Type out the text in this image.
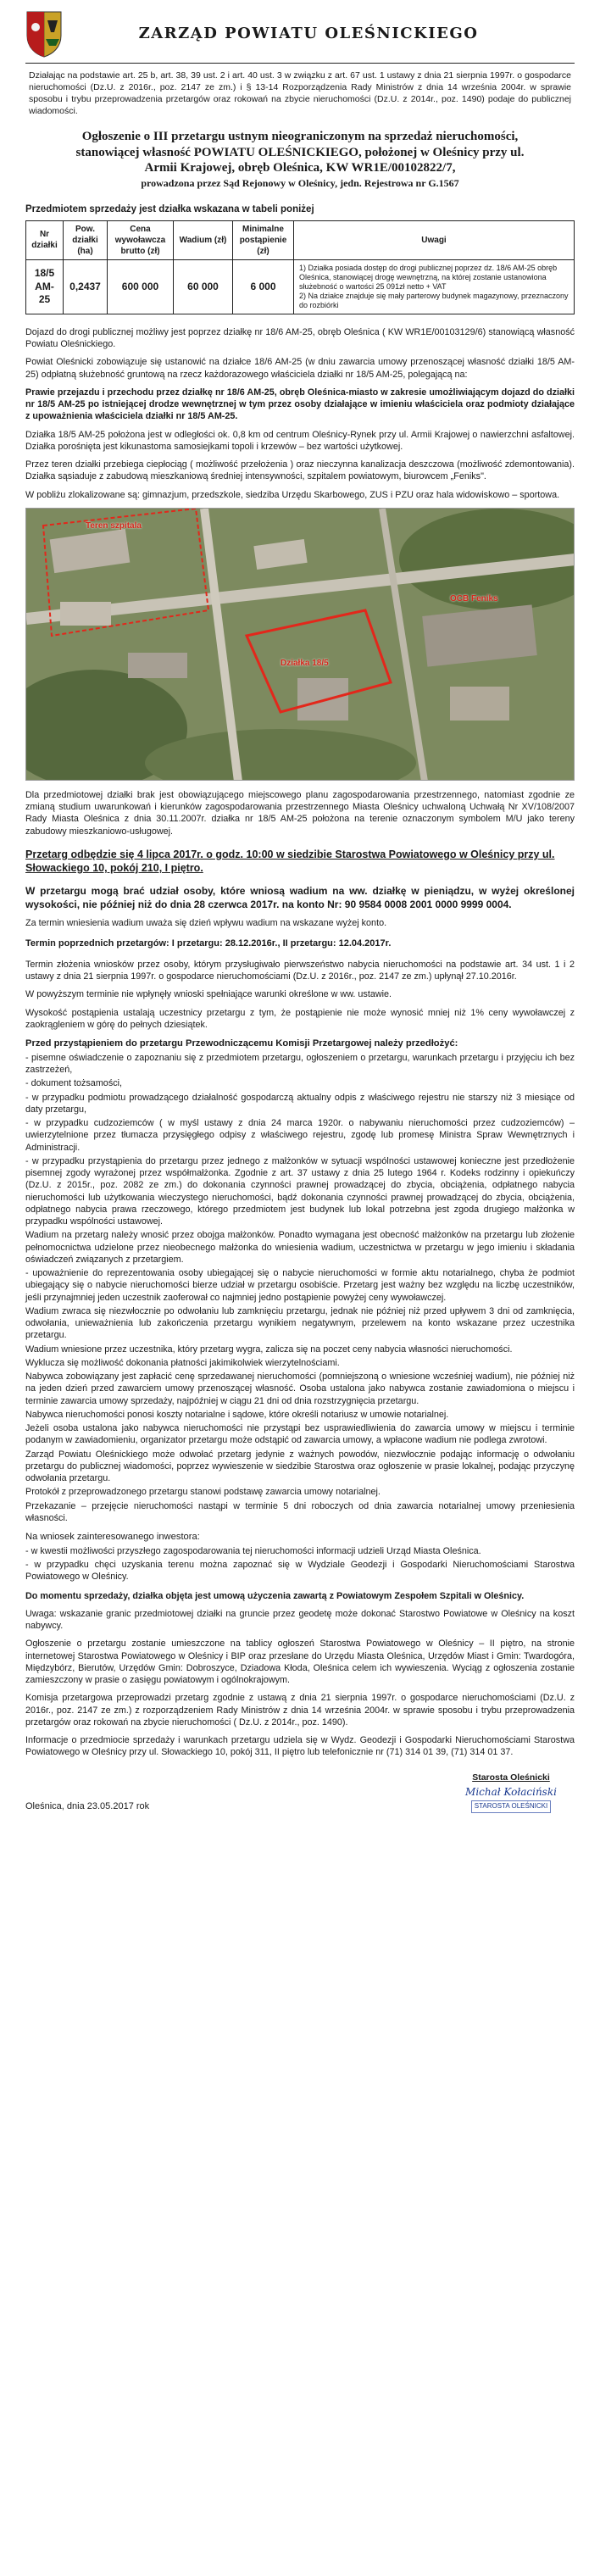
ZARZĄD POWIATU OLEŚNICKIEGO

Działając na podstawie art. 25 b, art. 38, 39 ust. 2 i art. 40 ust. 3 w związku z art. 67 ust. 1 ustawy z dnia 21 sierpnia 1997r. o gospodarce nieruchomości (Dz.U. z 2016r., poz. 2147 ze zm.) i § 13-14 Rozporządzenia Rady Ministrów z dnia 14 września 2004r. w sprawie sposobu i trybu przeprowadzenia przetargów oraz rokowań na zbycie nieruchomości (Dz.U. z 2014r., poz. 1490) podaje do publicznej wiadomości.

Ogłoszenie o III przetargu ustnym nieograniczonym na sprzedaż nieruchomości, stanowiącej własność POWIATU OLEŚNICKIEGO, położonej w Oleśnicy przy ul. Armii Krajowej, obręb Oleśnica, KW WR1E/00102822/7,
prowadzona przez Sąd Rejonowy w Oleśnicy, jedn. Rejestrowa nr G.1567
Przedmiotem sprzedaży jest działka wskazana w tabeli poniżej
Nr działki	Pow. działki (ha)	Cena wywoławcza brutto (zł)	Wadium (zł)	Minimalne postąpienie (zł)	Uwagi
18/5 AM-25	0,2437	600 000	60 000	6 000	1) Działka posiada dostęp do drogi publicznej poprzez dz. 18/6 AM-25 obręb Oleśnica, stanowiącej drogę wewnętrzną, na której zostanie ustanowiona służebność o wartości 25 091zł netto + VAT
2) Na działce znajduje się mały parterowy budynek magazynowy, przeznaczony do rozbiórki

Dojazd do drogi publicznej możliwy jest poprzez działkę nr 18/6 AM-25, obręb Oleśnica ( KW WR1E/00103129/6) stanowiącą własność Powiatu Oleśnickiego.

Powiat Oleśnicki zobowiązuje się ustanowić na działce 18/6 AM-25 (w dniu zawarcia umowy przenoszącej własność działki 18/5 AM-25) odpłatną służebność gruntową na rzecz każdorazowego właściciela działki nr 18/5 AM-25, polegającą na:

Prawie przejazdu i przechodu przez działkę nr 18/6 AM-25, obręb Oleśnica-miasto w zakresie umożliwiającym dojazd do działki nr 18/5 AM-25 po istniejącej drodze wewnętrznej w tym przez osoby działające w imieniu właściciela oraz podmioty działające z upoważnienia właściciela działki nr 18/5 AM-25.

Działka 18/5 AM-25 położona jest w odległości ok. 0,8 km od centrum Oleśnicy-Rynek przy ul. Armii Krajowej o nawierzchni asfaltowej. Działka porośnięta jest kikunastoma samosiejkami topoli i krzewów – bez wartości użytkowej.

Przez teren działki przebiega ciepłociąg ( możliwość przełożenia ) oraz nieczynna kanalizacja deszczowa (możliwość zdemontowania). Działka sąsiaduje z zabudową mieszkaniową średniej intensywności, szpitalem powiatowym, biurowcem „Feniks".

W pobliżu zlokalizowane są: gimnazjum, przedszkole, siedziba Urzędu Skarbowego, ZUS i PZU oraz hala widowiskowo – sportowa.

Teren szpitala
Działka 18/5
OCB Feniks

Dla przedmiotowej działki brak jest obowiązującego miejscowego planu zagospodarowania przestrzennego, natomiast zgodnie ze zmianą studium uwarunkowań i kierunków zagospodarowania przestrzennego Miasta Oleśnicy uchwaloną Uchwałą Nr XV/108/2007 Rady Miasta Oleśnica z dnia 30.11.2007r. działka nr 18/5 AM-25 położona na terenie oznaczonym symbolem M/U jako tereny zabudowy mieszkaniowo-usługowej.

Przetarg odbędzie się 4 lipca 2017r. o godz. 10:00 w siedzibie Starostwa Powiatowego w Oleśnicy przy ul. Słowackiego 10, pokój 210, I piętro.
W przetargu mogą brać udział osoby, które wniosą wadium na ww. działkę w pieniądzu, w wyżej określonej wysokości, nie później niż do dnia 28 czerwca 2017r. na konto Nr: 90 9584 0008 2001 0000 9999 0004.
Za termin wniesienia wadium uważa się dzień wpływu wadium na wskazane wyżej konto.
Termin poprzednich przetargów: I przetargu: 28.12.2016r., II przetargu: 12.04.2017r.

Termin złożenia wniosków przez osoby, którym przysługiwało pierwszeństwo nabycia nieruchomości na podstawie art. 34 ust. 1 i 2 ustawy z dnia 21 sierpnia 1997r. o gospodarce nieruchomościami (Dz.U. z 2016r., poz. 2147 ze zm.) upłynął 27.10.2016r.

W powyższym terminie nie wpłynęły wnioski spełniające warunki określone w ww. ustawie.

Wysokość postąpienia ustalają uczestnicy przetargu z tym, że postąpienie nie może wynosić mniej niż 1% ceny wywoławczej z zaokrągleniem w górę do pełnych dziesiątek.

Przed przystąpieniem do przetargu Przewodniczącemu Komisji Przetargowej należy przedłożyć:
- pisemne oświadczenie o zapoznaniu się z przedmiotem przetargu, ogłoszeniem o przetargu, warunkach przetargu i przyjęciu ich bez zastrzeżeń,
- dokument tożsamości,
- w przypadku podmiotu prowadzącego działalność gospodarczą aktualny odpis z właściwego rejestru nie starszy niż 3 miesiące od daty przetargu,
- w przypadku cudzoziemców ( w myśl ustawy z dnia 24 marca 1920r. o nabywaniu nieruchomości przez cudzoziemców) – uwierzytelnione przez tłumacza przysięgłego odpisy z właściwego rejestru, zgodę lub promesę Ministra Spraw Wewnętrznych i Administracji.
- w przypadku przystąpienia do przetargu przez jednego z małżonków w sytuacji wspólności ustawowej konieczne jest przedłożenie pisemnej zgody wyrażonej przez współmałżonka. Zgodnie z art. 37 ustawy z dnia 25 lutego 1964 r. Kodeks rodzinny i opiekuńczy (Dz.U. z 2015r., poz. 2082 ze zm.) do dokonania czynności prawnej prowadzącej do zbycia, obciążenia, odpłatnego nabycia nieruchomości lub użytkowania wieczystego nieruchomości, bądź dokonania czynności prawnej prowadzącej do zbycia, obciążenia, odpłatnego nabycia prawa rzeczowego, którego przedmiotem jest budynek lub lokal potrzebna jest zgoda drugiego małżonka w przypadku wspólności ustawowej.
Wadium na przetarg należy wnosić przez obojga małżonków. Ponadto wymagana jest obecność małżonków na przetargu lub złożenie pełnomocnictwa udzielone przez nieobecnego małżonka do wniesienia wadium, uczestnictwa w przetargu w jego imieniu i składania oświadczeń związanych z przetargiem.
- upoważnienie do reprezentowania osoby ubiegającej się o nabycie nieruchomości w formie aktu notarialnego, chyba że podmiot ubiegający się o nabycie nieruchomości bierze udział w przetargu osobiście. Przetarg jest ważny bez względu na liczbę uczestników, jeśli przynajmniej jeden uczestnik zaoferował co najmniej jedno postąpienie powyżej ceny wywoławczej.
Wadium zwraca się niezwłocznie po odwołaniu lub zamknięciu przetargu, jednak nie później niż przed upływem 3 dni od zamknięcia, odwołania, unieważnienia lub zakończenia przetargu wynikiem negatywnym, przelewem na konto wskazane przez uczestnika przetargu.
Wadium wniesione przez uczestnika, który przetarg wygra, zalicza się na poczet ceny nabycia własności nieruchomości.
Wyklucza się możliwość dokonania płatności jakimikolwiek wierzytelnościami.
Nabywca zobowiązany jest zapłacić cenę sprzedawanej nieruchomości (pomniejszoną o wniesione wcześniej wadium), nie później niż na jeden dzień przed zawarciem umowy przenoszącej własność. Osoba ustalona jako nabywca zostanie zawiadomiona o miejscu i terminie zawarcia umowy sprzedaży, najpóźniej w ciągu 21 dni od dnia rozstrzygnięcia przetargu.
Nabywca nieruchomości ponosi koszty notarialne i sądowe, które określi notariusz w umowie notarialnej.
Jeżeli osoba ustalona jako nabywca nieruchomości nie przystąpi bez usprawiedliwienia do zawarcia umowy w miejscu i terminie podanym w zawiadomieniu, organizator przetargu może odstąpić od zawarcia umowy, a wpłacone wadium nie podlega zwrotowi.
Zarząd Powiatu Oleśnickiego może odwołać przetarg jedynie z ważnych powodów, niezwłocznie podając informację o odwołaniu przetargu do publicznej wiadomości, poprzez wywieszenie w siedzibie Starostwa oraz ogłoszenie w prasie lokalnej, podając przyczynę odwołania przetargu.
Protokół z przeprowadzonego przetargu stanowi podstawę zawarcia umowy notarialnej.
Przekazanie – przejęcie nieruchomości nastąpi w terminie 5 dni roboczych od dnia zawarcia notarialnej umowy przeniesienia własności.
Na wniosek zainteresowanego inwestora:
- w kwestii możliwości przyszłego zagospodarowania tej nieruchomości informacji udzieli Urząd Miasta Oleśnica.
- w przypadku chęci uzyskania terenu można zapoznać się w Wydziale Geodezji i Gospodarki Nieruchomościami Starostwa Powiatowego w Oleśnicy.

Do momentu sprzedaży, działka objęta jest umową użyczenia zawartą z Powiatowym Zespołem Szpitali w Oleśnicy.

Uwaga: wskazanie granic przedmiotowej działki na gruncie przez geodetę może dokonać Starostwo Powiatowe w Oleśnicy na koszt nabywcy.

Ogłoszenie o przetargu zostanie umieszczone na tablicy ogłoszeń Starostwa Powiatowego w Oleśnicy – II piętro, na stronie internetowej Starostwa Powiatowego w Oleśnicy i BIP oraz przesłane do Urzędu Miasta Oleśnica, Urzędów Miast i Gmin: Twardogóra, Międzybórz, Bierutów, Urzędów Gmin: Dobroszyce, Dziadowa Kłoda, Oleśnica celem ich wywieszenia. Wyciąg z ogłoszenia zostanie zamieszczony w prasie o zasięgu powiatowym i ogólnokrajowym.

Komisja przetargowa przeprowadzi przetarg zgodnie z ustawą z dnia 21 sierpnia 1997r. o gospodarce nieruchomościami (Dz.U. z 2016r., poz. 2147 ze zm.) z rozporządzeniem Rady Ministrów z dnia 14 września 2004r. w sprawie sposobu i trybu przeprowadzenia przetargów oraz rokowań na zbycie nieruchomości ( Dz.U. z 2014r., poz. 1490).

Informacje o przedmiocie sprzedaży i warunkach przetargu udziela się w Wydz. Geodezji i Gospodarki Nieruchomościami Starostwa Powiatowego w Oleśnicy przy ul. Słowackiego 10, pokój 311, II piętro lub telefonicznie nr (71) 314 01 39, (71) 314 01 37.

Oleśnica, dnia 23.05.2017 rok
Starosta Oleśnicki
Michał Kołaciński
STAROSTA OLEŚNICKI
